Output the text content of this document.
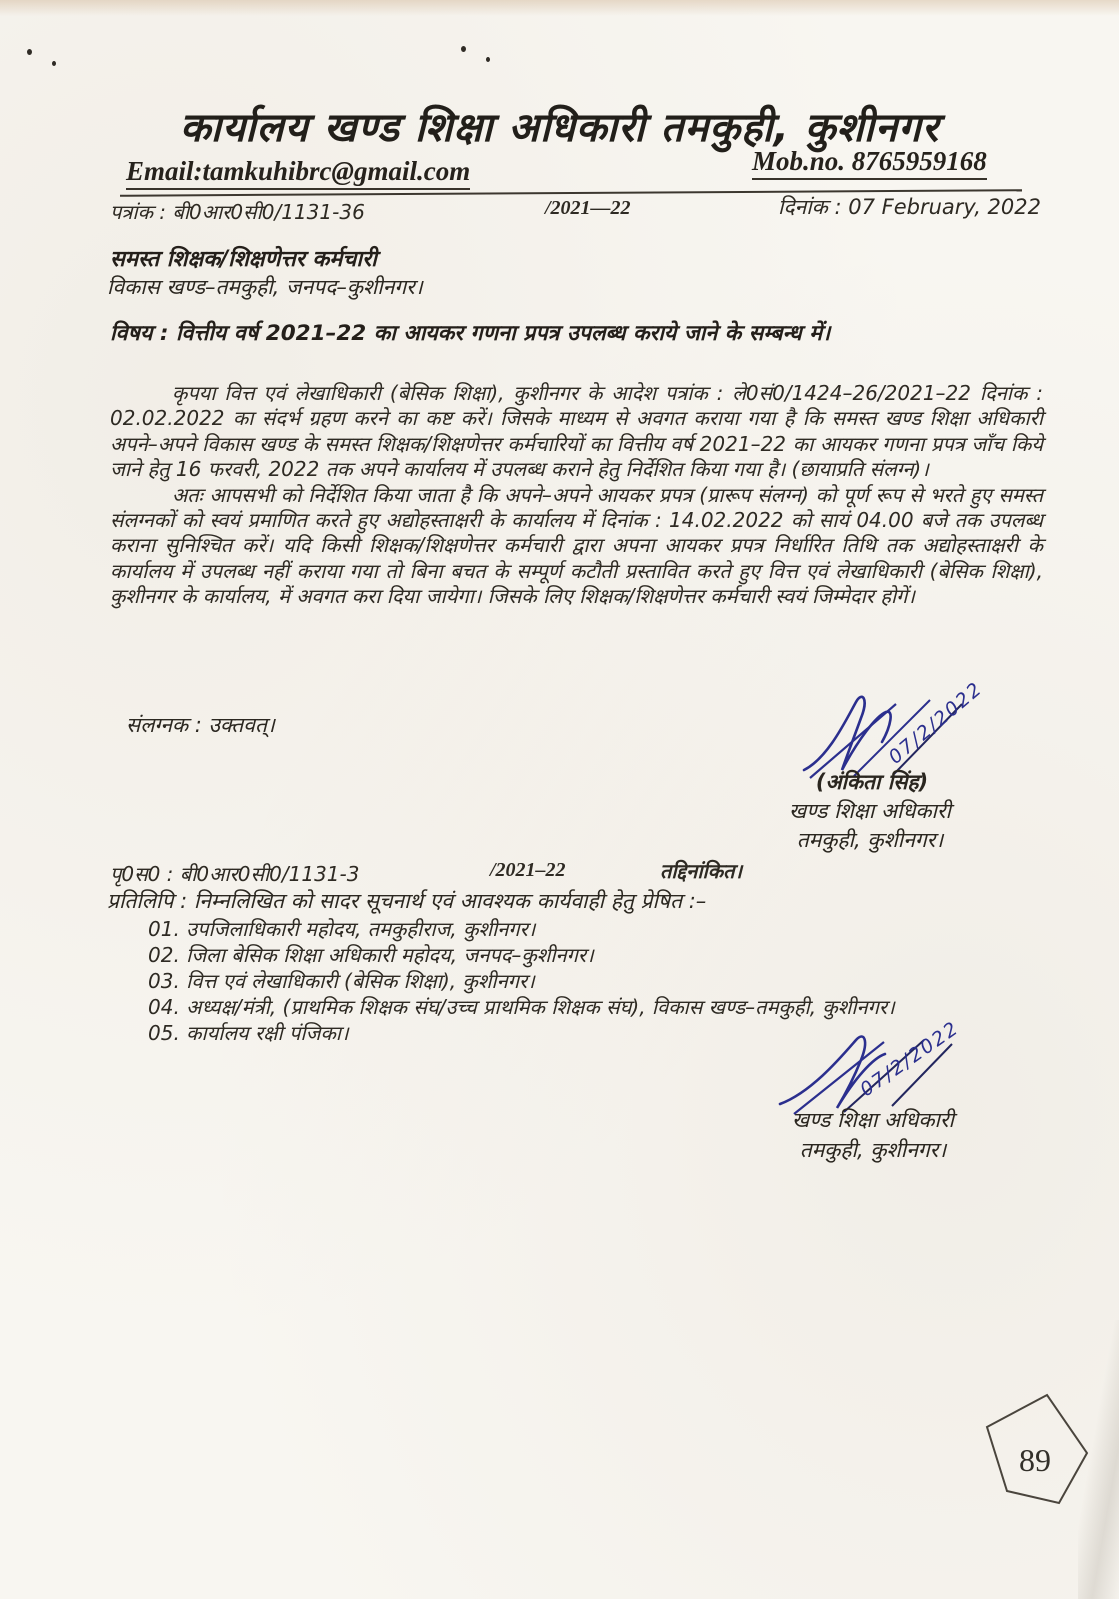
कार्यालय खण्ड शिक्षा अधिकारी तमकुही, कुशीनगर
Email:tamkuhibrc@gmail.com	Mob.no. 8765959168
पत्रांक : बी0आर0सी0/1131-36	/2021—22	दिनांक : 07 February, 2022
समस्त शिक्षक/शिक्षणेत्तर कर्मचारी
विकास खण्ड–तमकुही, जनपद–कुशीनगर।
विषय : वित्तीय वर्ष 2021–22 का आयकर गणना प्रपत्र उपलब्ध कराये जाने के सम्बन्ध में।

कृपया वित्त एवं लेखाधिकारी (बेसिक शिक्षा), कुशीनगर के आदेश पत्रांक : ले0सं0/1424–26/2021–22 दिनांक : 02.02.2022 का संदर्भ ग्रहण करने का कष्ट करें। जिसके माध्यम से अवगत कराया गया है कि समस्त खण्ड शिक्षा अधिकारी अपने–अपने विकास खण्ड के समस्त शिक्षक/शिक्षणेत्तर कर्मचारियों का वित्तीय वर्ष 2021–22 का आयकर गणना प्रपत्र जाँच किये जाने हेतु 16 फरवरी, 2022 तक अपने कार्यालय में उपलब्ध कराने हेतु निर्देशित किया गया है। (छायाप्रति संलग्न)।

अतः आपसभी को निर्देशित किया जाता है कि अपने–अपने आयकर प्रपत्र (प्रारूप संलग्न) को पूर्ण रूप से भरते हुए समस्त संलग्नकों को स्वयं प्रमाणित करते हुए अद्योहस्ताक्षरी के कार्यालय में दिनांक : 14.02.2022 को सायं 04.00 बजे तक उपलब्ध कराना सुनिश्चित करें। यदि किसी शिक्षक/शिक्षणेत्तर कर्मचारी द्वारा अपना आयकर प्रपत्र निर्धारित तिथि तक अद्योहस्ताक्षरी के कार्यालय में उपलब्ध नहीं कराया गया तो बिना बचत के सम्पूर्ण कटौती प्रस्तावित करते हुए वित्त एवं लेखाधिकारी (बेसिक शिक्षा), कुशीनगर के कार्यालय, में अवगत करा दिया जायेगा। जिसके लिए शिक्षक/शिक्षणेत्तर कर्मचारी स्वयं जिम्मेदार होगें।

संलग्नक : उक्तवत्।	07/2/2022
(अंकिता सिंह)
खण्ड शिक्षा अधिकारी
तमकुही, कुशीनगर।
पृ0स0 : बी0आर0सी0/1131-3	/2021–22	तद्दिनांकित।
प्रतिलिपि : निम्नलिखित को सादर सूचनार्थ एवं आवश्यक कार्यवाही हेतु प्रेषित :–
01. उपजिलाधिकारी महोदय, तमकुहीराज, कुशीनगर।
02. जिला बेसिक शिक्षा अधिकारी महोदय, जनपद–कुशीनगर।
03. वित्त एवं लेखाधिकारी (बेसिक शिक्षा), कुशीनगर।
04. अध्यक्ष/मंत्री, (प्राथमिक शिक्षक संघ/उच्च प्राथमिक शिक्षक संघ), विकास खण्ड–तमकुही, कुशीनगर।
05. कार्यालय रक्षी पंजिका।	07/2/2022
खण्ड शिक्षा अधिकारी
तमकुही, कुशीनगर।
89
